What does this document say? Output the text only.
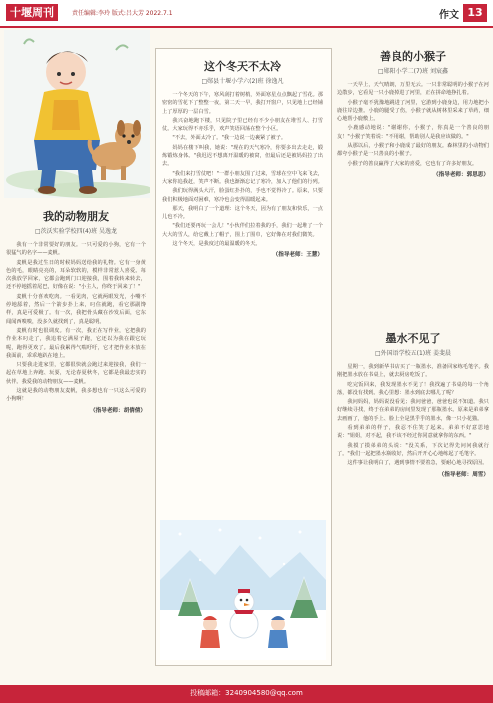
十堰周刊	责任编辑:李玲 版式:吕大芳 2022.7.1	作文 13
我的动物朋友
□茨沃实验学校四(4)班 吴逸龙

我有一个非常要好的朋友。一只可爱的小狗，它有一个很猛气的名字——麦帆。

麦帆是我过生日的时候妈妈送给我的礼物。它有一身黄色的毛，眼睛亮亮的，耳朵软软的，模样非常惹人喜爱。每次我放学回家，它都会跑到门口迎接我，围着我转来转去，还不停地摇着尾巴，好像在说："小主人，你终于回来了！"

麦帆十分喜欢吃肉。一看见肉，它就两眼发光，小嘴不停地舔着，然后一个箭步扑上来，叼住就跑，看它那副馋样，真是可爱极了。有一次，我把骨头藏在沙发后面，它东闻闻西嗅嗅，没多久就找到了，真是聪明。

麦帆有时也很调皮。有一次，我正在写作业，它把我的作业本叼走了，我追着它满屋子跑，它还以为我在跟它玩呢，跑得更欢了。最后我累得气喘吁吁，它才把作业本放在我面前，乖乖地趴在地上。

只要我走进家里，它都很快就会跑过来迎接我，我们一起在草地上奔跑、玩耍，无论春夏秋冬，它都是我最忠实的伙伴。我爱我的动物朋友——麦帆。

这就是我的动物朋友麦帆，我多想也有一只这么可爱的小狗啊！

（指导老师：胡倩倩）
这个冬天不太冷
□郧县十堰小学六(2)班 徐逸凡

一个冬天的下午，寒风刮打着树梢，外面寒星点点飘起了雪花。那密密的雪花下了整整一夜，第二天一早，我打开窗户，只见地上已经铺上了厚厚的一层白雪。

我兴奋地跑下楼，只见院子里已经有不少小朋友在堆雪人、打雪仗。大家玩得不亦乐乎，欢声笑语回荡在整个小区。

"不去，外面太冷了。"我一边说一边裹紧了被子。

妈妈在楼下叫我，她说："现在的天气寒冷，你要多出去走走，锻炼锻炼身体。"我迟迟不想离开温暖的被窝，但最后还是被妈妈拉了出去。

"我们来打雪仗吧！"一群小朋友围了过来，雪球在空中飞来飞去，大家你追我赶，笑声不断。我也渐渐忘记了寒冷，加入了他们的行列。

我们玩得满头大汗，脸蛋红扑扑的，手也不觉得冷了。原来，只要我们积极地面对困难，寒冷也会变得温暖起来。

那天，我明白了一个道理：这个冬天，因为有了朋友和快乐，一点儿也不冷。

"我们还要再玩一会儿！"小伙伴们拉着我的手，我们一起堆了一个大大的雪人，给它戴上了帽子，围上了围巾，它好像在对我们微笑。

这个冬天，是我度过的最温暖的冬天。

（指导老师：王慧）
善良的小猴子
□郧阳小学二(7)班 刘宸鑫

一天早上，天气晴朗，万里无云。一只非常聪明的小猴子在河边散步，它看见一只小鹿掉进了河里，正在拼命地挣扎着。

小猴子毫不犹豫地跳进了河里，它游到小鹿身边，用力地把小鹿往岸边推。小鹿的腿受了伤，小猴子就从树林里采来了草药，细心地帮小鹿敷上。

小鹿感动地说："谢谢你，小猴子，你真是一个善良的朋友！"小猴子笑着说："不用谢，帮助别人是我应该做的。"

从那以后，小猴子和小鹿成了最好的朋友。森林里的小动物们都夸小猴子是一只善良的小猴子。

小猴子的善良赢得了大家的喜爱，它也有了许多好朋友。

（指导老师：郭思思）
墨水不见了
□外国语学校五(1)班 姜斐晨

星期一，我到新华书店买了一瓶墨水，准备回家练毛笔字。我刚把墨水放在书桌上，就去厨房吃饭了。

吃完饭回来，我发现墨水不见了！我找遍了书桌的每一个角落，都没有找到。我心里想：墨水到底去哪儿了呢？

我问妈妈，妈妈说没看见；我问爸爸，爸爸也说不知道。我只好继续寻找，终于在弟弟的房间里发现了那瓶墨水。原来是弟弟拿去画画了，他的手上、脸上全是黑乎乎的墨水，像一只小花猫。

看到弟弟的样子，我忍不住笑了起来。弟弟不好意思地说："姐姐，对不起，我不该不经过你同意就拿你的东西。"

我摸了摸弟弟的头说："没关系，下次记得先问问我就行了。"我们一起把墨水瓶收好，然后开开心心地练起了毛笔字。

这件事让我明白了，遇到事情不要着急，要耐心地寻找原因。

（指导老师：周雪）
投稿邮箱：3240904580@qq.com
